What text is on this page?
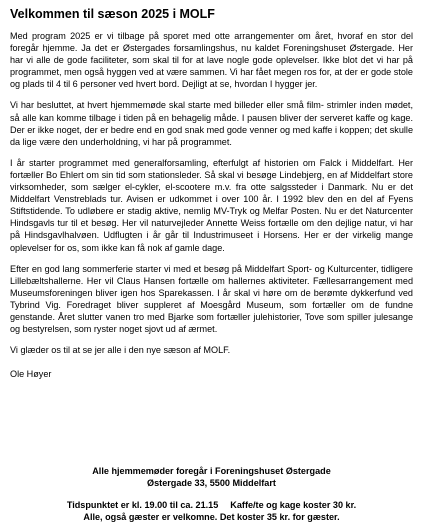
Velkommen til sæson 2025 i MOLF

Med program 2025 er vi tilbage på sporet med otte arrangementer om året, hvoraf en stor del foregår hjemme. Ja det er Østergades forsamlingshus, nu kaldet Foreningshuset Østergade. Her har vi alle de gode faciliteter, som skal til for at lave nogle gode oplevelser. Ikke blot det vi har på programmet, men også hyggen ved at være sammen. Vi har fået megen ros for, at der er gode stole og plads til 4 til 6 personer ved hvert bord. Dejligt at se, hvordan I hygger jer.

Vi har besluttet, at hvert hjemmemøde skal starte med billeder eller små film- strimler inden mødet, så alle kan komme tilbage i tiden på en behagelig måde. I pausen bliver der serveret kaffe og kage. Der er ikke noget, der er bedre end en god snak med gode venner og med kaffe i koppen; det skulle da lige være den underholdning, vi har på programmet.

I år starter programmet med generalforsamling, efterfulgt af historien om Falck i Middelfart. Her fortæller Bo Ehlert om sin tid som stationsleder. Så skal vi besøge Lindebjerg, en af Middelfart store virksomheder, som sælger el-cykler, el-scootere m.v. fra otte salgssteder i Danmark. Nu er det Middelfart Venstreblads tur. Avisen er udkommet i over 100 år. I 1992 blev den en del af Fyens Stiftstidende. To udløbere er stadig aktive, nemlig MV-Tryk og Melfar Posten. Nu er det Naturcenter Hindsgavls tur til et besøg. Her vil naturvejleder Annette Weiss fortælle om den dejlige natur, vi har på Hindsgavlhalvøen. Udflugten i år går til Industrimuseet i Horsens. Her er der virkelig mange oplevelser for os, som ikke kan få nok af gamle dage.

Efter en god lang sommerferie starter vi med et besøg på Middelfart Sport- og Kulturcenter, tidligere Lillebæltshallerne. Her vil Claus Hansen fortælle om hallernes aktiviteter. Fællesarrangement med Museumsforeningen bliver igen hos Sparekassen. I år skal vi høre om de berømte dykkerfund ved Tybrind Vig. Foredraget bliver suppleret af Moesgård Museum, som fortæller om de fundne genstande. Året slutter vanen tro med Bjarke som fortæller julehistorier, Tove som spiller julesange og bestyrelsen, som ryster noget sjovt ud af ærmet.

Vi glæder os til at se jer alle i den nye sæson af MOLF.

Ole Høyer

Alle hjemmemøder foregår i Foreningshuset Østergade
Østergade 33, 5500 Middelfart
Tidspunktet er kl. 19.00 til ca. 21.15 Kaffe/te og kage koster 30 kr.
Alle, også gæster er velkomne. Det koster 35 kr. for gæster.
